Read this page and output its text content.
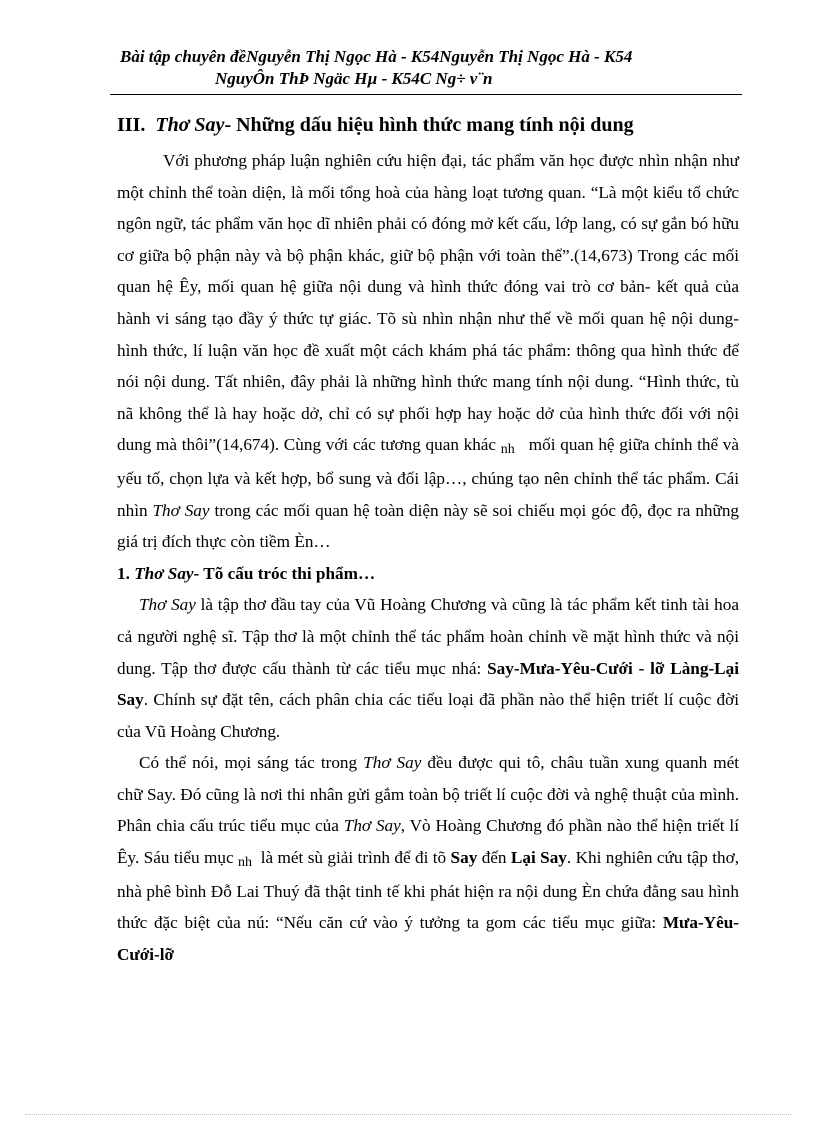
Bài tập chuyên đềNguyễn Thị Ngọc Hà - K54Nguyễn Thị Ngọc Hà - K54
NguyÔn ThÞ Ngäc Hµ - K54C Ng÷ v¨n
III. Thơ Say- Những dấu hiệu hình thức mang tính nội dung

Với phương pháp luận nghiên cứu hiện đại, tác phẩm văn học được nhìn nhận như một chỉnh thể toàn diện, là mối tổng hoà của hàng loạt tương quan. “Là một kiểu tổ chức ngôn ngữ, tác phẩm văn học dĩ nhiên phải có đóng mở kết cấu, lớp lang, có sự gắn bó hữu cơ giữa bộ phận này và bộ phận khác, giữ bộ phận với toàn thể”.(14,673) Trong các mối quan hệ Êy, mối quan hệ giữa nội dung và hình thức đóng vai trò cơ bản- kết quả của hành vi sáng tạo đầy ý thức tự giác. Tõ sù nhìn nhận như thế về mối quan hệ nội dung- hình thức, lí luận văn học đề xuất một cách khám phá tác phẩm: thông qua hình thức để nói nội dung. Tất nhiên, đây phải là những hình thức mang tính nội dung. “Hình thức, tù nã không thể là hay hoặc dở, chỉ có sự phối hợp hay hoặc dở của hình thức đối với nội dung mà thôi”(14,674). Cùng với các tương quan khác nh mối quan hệ giữa chỉnh thể và yếu tố, chọn lựa và kết hợp, bổ sung và đối lập…, chúng tạo nên chỉnh thể tác phẩm. Cái nhìn Thơ Say trong các mối quan hệ toàn diện này sẽ soi chiếu mọi góc độ, đọc ra những giá trị đích thực còn tiềm Èn…

1. Thơ Say- Tõ cấu tróc thi phẩm…

Thơ Say là tập thơ đầu tay của Vũ Hoàng Chương và cũng là tác phẩm kết tinh tài hoa cả người nghệ sĩ. Tập thơ là một chỉnh thể tác phẩm hoàn chỉnh về mặt hình thức và nội dung. Tập thơ được cấu thành từ các tiểu mục nhá: Say-Mưa-Yêu-Cưới - lỡ Làng-Lại Say. Chính sự đặt tên, cách phân chia các tiểu loại đã phần nào thể hiện triết lí cuộc đời của Vũ Hoàng Chương.

Có thể nói, mọi sáng tác trong Thơ Say đều được qui tô, châu tuần xung quanh mét chữ Say. Đó cũng là nơi thi nhân gửi gắm toàn bộ triết lí cuộc đời và nghệ thuật của mình. Phân chia cấu trúc tiểu mục của Thơ Say, Vò Hoàng Chương đó phần nào thể hiện triết lí Êy. Sáu tiểu mục nh là mét sù giải trình để đi tõ Say đến Lại Say. Khi nghiên cứu tập thơ, nhà phê bình Đỗ Lai Thuý đã thật tinh tế khi phát hiện ra nội dung Èn chứa đằng sau hình thức đặc biệt của nú: “Nếu căn cứ vào ý tưởng ta gom các tiểu mục giữa: Mưa-Yêu-Cưới-lỡ
